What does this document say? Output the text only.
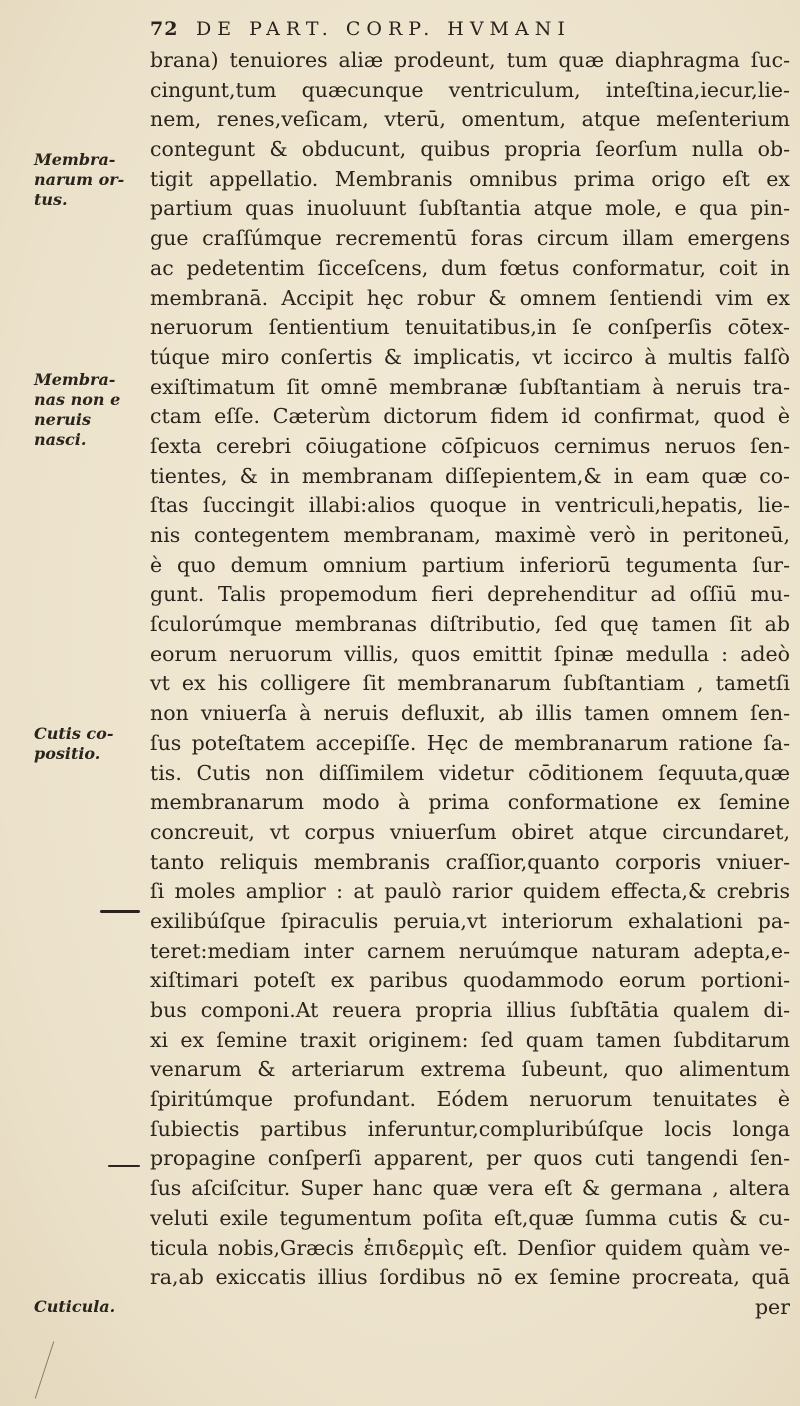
72 DE PART. CORP. HVMANI
Membra-
narum or-
tus.
Membra-
nas non e
neruis
nasci.
Cutis co-
positio.
Cuticula.
brana) tenuiores aliæ prodeunt, tum quæ diaphragma ſuc-
cingunt,tum quæcunque ventriculum, inteſtina,iecur,lie-
nem, renes,veſicam, vterū, omentum, atque meſenterium
contegunt & obducunt, quibus propria ſeorſum nulla ob-
tigit appellatio. Membranis omnibus prima origo eſt ex
partium quas inuoluunt ſubſtantia atque mole, e qua pin-
gue craſſúmque recrementū foras circum illam emergens
ac pedetentim ſicceſcens, dum fœtus conformatur, coit in
membranā. Accipit hęc robur & omnem ſentiendi vim ex
neruorum ſentientium tenuitatibus,in ſe conſperſis cōtex-
túque miro conſertis & implicatis, vt iccirco à multis falſò
exiſtimatum ſit omnē membranæ ſubſtantiam à neruis tra-
ctam eſſe. Cæterùm dictorum fidem id confirmat, quod è
ſexta cerebri cōiugatione cōſpicuos cernimus neruos ſen-
tientes, & in membranam diſſepientem,& in eam quæ co-
ſtas ſuccingit illabi:alios quoque in ventriculi,hepatis, lie-
nis contegentem membranam, maximè verò in peritoneū,
è quo demum omnium partium inferiorū tegumenta ſur-
gunt. Talis propemodum fieri deprehenditur ad oſſiū mu-
ſculorúmque membranas diſtributio, ſed quę tamen ſit ab
eorum neruorum villis, quos emittit ſpinæ medulla : adeò
vt ex his colligere ſit membranarum ſubſtantiam , tametſi
non vniuerſa à neruis defluxit, ab illis tamen omnem ſen-
ſus poteſtatem accepiſſe. Hęc de membranarum ratione ſa-
tis. Cutis non diſſimilem videtur cōditionem ſequuta,quæ
membranarum modo à prima conformatione ex ſemine
concreuit, vt corpus vniuerſum obiret atque circundaret,
tanto reliquis membranis craſſior,quanto corporis vniuer-
ſi moles amplior : at paulò rarior quidem effecta,& crebris
exilibúſque ſpiraculis peruia,vt interiorum exhalationi pa-
teret:mediam inter carnem neruúmque naturam adepta,e-
xiſtimari poteſt ex paribus quodammodo eorum portioni-
bus componi.At reuera propria illius ſubſtātia qualem di-
xi ex ſemine traxit originem: ſed quam tamen ſubditarum
venarum & arteriarum extrema ſubeunt, quo alimentum
ſpiritúmque profundant. Eódem neruorum tenuitates è
ſubiectis partibus inferuntur,compluribúſque locis longa
propagine conſperſi apparent, per quos cuti tangendi ſen-
ſus aſciſcitur. Super hanc quæ vera eſt & germana , altera
veluti exile tegumentum poſita eſt,quæ ſumma cutis & cu-
ticula nobis,Græcis ἐπιδερμὶς eſt. Denſior quidem quàm ve-
ra,ab exiccatis illius ſordibus nō ex ſemine procreata, quā
per
